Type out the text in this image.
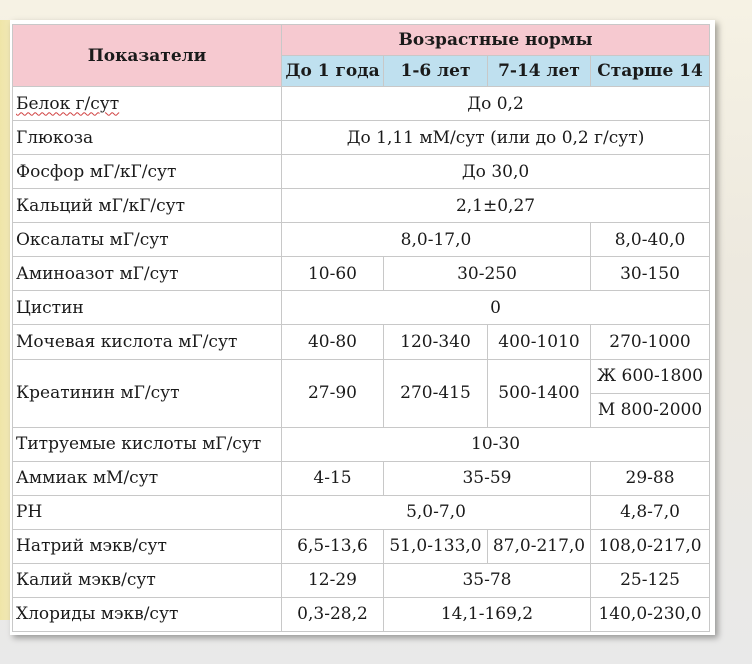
Показатели	Возрастные нормы			
	До 1 года	1-6 лет	7-14 лет	Старше 14
Белок г/сут	До 0,2			
Глюкоза	До 1,11 мМ/сут (или до 0,2 г/сут)			
Фосфор мГ/кГ/сут	До 30,0			
Кальций мГ/кГ/сут	2,1±0,27			
Оксалаты мГ/сут	8,0-17,0			8,0-40,0
Аминоазот мГ/сут	10-60	30-250		30-150
Цистин	0			
Мочевая кислота мГ/сут	40-80	120-340	400-1010	270-1000
Креатинин мГ/сут	27-90	270-415	500-1400	Ж 600-1800
				М 800-2000
Титруемые кислоты мГ/сут	10-30			
Аммиак мМ/сут	4-15	35-59		29-88
PH	5,0-7,0			4,8-7,0
Натрий мэкв/сут	6,5-13,6	51,0-133,0	87,0-217,0	108,0-217,0
Калий мэкв/сут	12-29	35-78		25-125
Хлориды мэкв/сут	0,3-28,2	14,1-169,2		140,0-230,0
